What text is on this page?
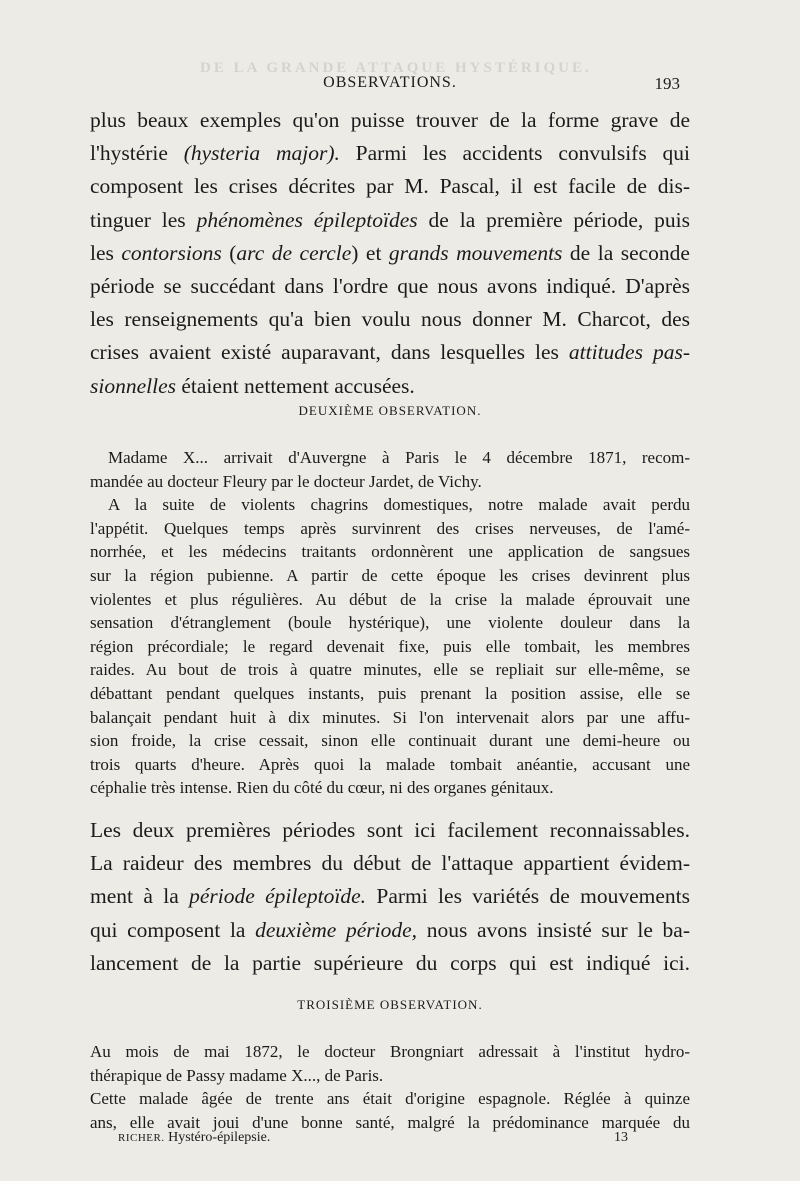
DE LA GRANDE ATTAQUE HYSTÉRIQUE.
OBSERVATIONS.	193

plus beaux exemples qu'on puisse trouver de la forme grave de

l'hystérie (hysteria major). Parmi les accidents convulsifs qui

composent les crises décrites par M. Pascal, il est facile de dis-

tinguer les phénomènes épileptoïdes de la première période, puis

les contorsions (arc de cercle) et grands mouvements de la seconde

période se succédant dans l'ordre que nous avons indiqué. D'après

les renseignements qu'a bien voulu nous donner M. Charcot, des

crises avaient existé auparavant, dans lesquelles les attitudes pas-

sionnelles étaient nettement accusées.

DEUXIÈME OBSERVATION.

Madame X... arrivait d'Auvergne à Paris le 4 décembre 1871, recom-

mandée au docteur Fleury par le docteur Jardet, de Vichy.

A la suite de violents chagrins domestiques, notre malade avait perdu

l'appétit. Quelques temps après survinrent des crises nerveuses, de l'amé-

norrhée, et les médecins traitants ordonnèrent une application de sangsues

sur la région pubienne. A partir de cette époque les crises devinrent plus

violentes et plus régulières. Au début de la crise la malade éprouvait une

sensation d'étranglement (boule hystérique), une violente douleur dans la

région précordiale; le regard devenait fixe, puis elle tombait, les membres

raides. Au bout de trois à quatre minutes, elle se repliait sur elle-même, se

débattant pendant quelques instants, puis prenant la position assise, elle se

balançait pendant huit à dix minutes. Si l'on intervenait alors par une affu-

sion froide, la crise cessait, sinon elle continuait durant une demi-heure ou

trois quarts d'heure. Après quoi la malade tombait anéantie, accusant une

céphalie très intense. Rien du côté du cœur, ni des organes génitaux.

Les deux premières périodes sont ici facilement reconnaissables.

La raideur des membres du début de l'attaque appartient évidem-

ment à la période épileptoïde. Parmi les variétés de mouvements

qui composent la deuxième période, nous avons insisté sur le ba-

lancement de la partie supérieure du corps qui est indiqué ici.

TROISIÈME OBSERVATION.

Au mois de mai 1872, le docteur Brongniart adressait à l'institut hydro-

thérapique de Passy madame X..., de Paris.

Cette malade âgée de trente ans était d'origine espagnole. Réglée à quinze

ans, elle avait joui d'une bonne santé, malgré la prédominance marquée du

RICHER. Hystéro-épilepsie.	13
